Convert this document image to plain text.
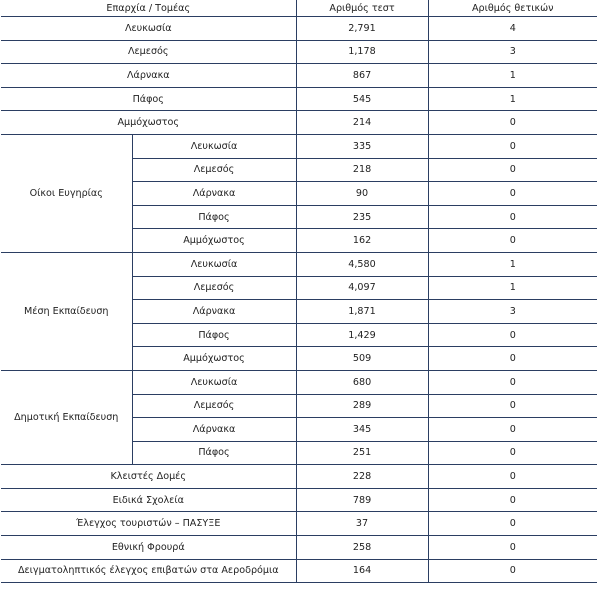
Επαρχία / Τομέας		Αριθμός τεστ	Αριθμός θετικών
Λευκωσία		2,791	4
Λεμεσός		1,178	3
Λάρνακα		867	1
Πάφος		545	1
Αμμόχωστος		214	0
Οίκοι Ευγηρίας	Λευκωσία	335	0
	Λεμεσός	218	0
	Λάρνακα	90	0
	Πάφος	235	0
	Αμμόχωστος	162	0
Μέση Εκπαίδευση	Λευκωσία	4,580	1
	Λεμεσός	4,097	1
	Λάρνακα	1,871	3
	Πάφος	1,429	0
	Αμμόχωστος	509	0
Δημοτική Εκπαίδευση	Λευκωσία	680	0
	Λεμεσός	289	0
	Λάρνακα	345	0
	Πάφος	251	0
Κλειστές Δομές		228	0
Ειδικά Σχολεία		789	0
Έλεγχος τουριστών – ΠΑΣΥΞΕ		37	0
Εθνική Φρουρά		258	0
Δειγματοληπτικός έλεγχος επιβατών στα Αεροδρόμια		164	0
